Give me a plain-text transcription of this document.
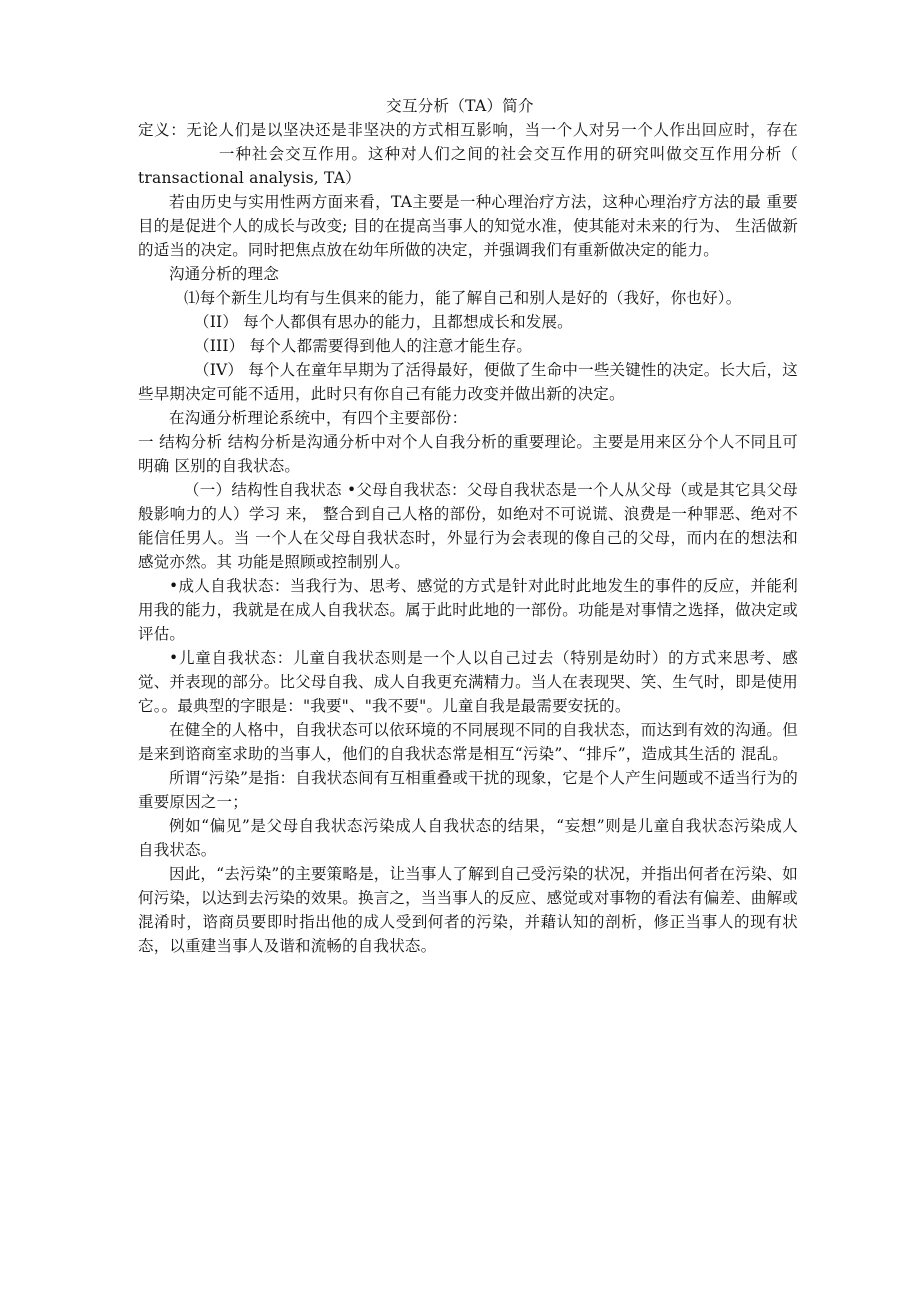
交互分析（TA）简介

定义：无论人们是以坚决还是非坚决的方式相互影响，当一个人对另一个人作出回应时，存在一种社会交互作用。这种对人们之间的社会交互作用的研究叫做交互作用分析（ transactional analysis, TA）

若由历史与实用性两方面来看，TA主要是一种心理治疗方法，这种心理治疗方法的最 重要目的是促进个人的成长与改变; 目的在提高当事人的知觉水准，使其能对未来的行为、 生活做新的适当的决定。同时把焦点放在幼年所做的决定，并强调我们有重新做决定的能力。

沟通分析的理念

⑴每个新生儿均有与生俱来的能力，能了解自己和别人是好的（我好，你也好）。

（II） 每个人都俱有思办的能力，且都想成长和发展。

（III） 每个人都需要得到他人的注意才能生存。

（IV） 每个人在童年早期为了活得最好，便做了生命中一些关键性的决定。长大后，这 些早期决定可能不适用，此时只有你自己有能力改变并做出新的决定。

在沟通分析理论系统中，有四个主要部份：

一 结构分析 结构分析是沟通分析中对个人自我分析的重要理论。主要是用来区分个人不同且可明确 区别的自我状态。

（一）结构性自我状态 •父母自我状态：父母自我状态是一个人从父母（或是其它具父母般影响力的人）学习 来， 整合到自己人格的部份，如绝对不可说谎、浪费是一种罪恶、绝对不能信任男人。当 一个人在父母自我状态时，外显行为会表现的像自己的父母，而内在的想法和感觉亦然。其 功能是照顾或控制别人。

•成人自我状态：当我行为、思考、感觉的方式是针对此时此地发生的事件的反应，并能利用我的能力，我就是在成人自我状态。属于此时此地的一部份。功能是对事情之选择，做决定或评估。

•儿童自我状态：儿童自我状态则是一个人以自己过去（特别是幼时）的方式来思考、感觉、并表现的部分。比父母自我、成人自我更充满精力。当人在表现哭、笑、生气时，即是使用它。。最典型的字眼是："我要"、"我不要"。儿童自我是最需要安抚的。

在健全的人格中，自我状态可以依环境的不同展现不同的自我状态，而达到有效的沟通。但是来到谘商室求助的当事人，他们的自我状态常是相互“污染”、“排斥”，造成其生活的 混乱。

所谓“污染”是指：自我状态间有互相重叠或干扰的现象，它是个人产生问题或不适当行为的重要原因之一；

例如“偏见”是父母自我状态污染成人自我状态的结果，“妄想”则是儿童自我状态污染成人自我状态。

因此，“去污染”的主要策略是，让当事人了解到自己受污染的状况，并指出何者在污染、如何污染，以达到去污染的效果。换言之，当当事人的反应、感觉或对事物的看法有偏差、曲解或混淆时，谘商员要即时指出他的成人受到何者的污染，并藉认知的剖析，修正当事人的现有状态，以重建当事人及谐和流畅的自我状态。
